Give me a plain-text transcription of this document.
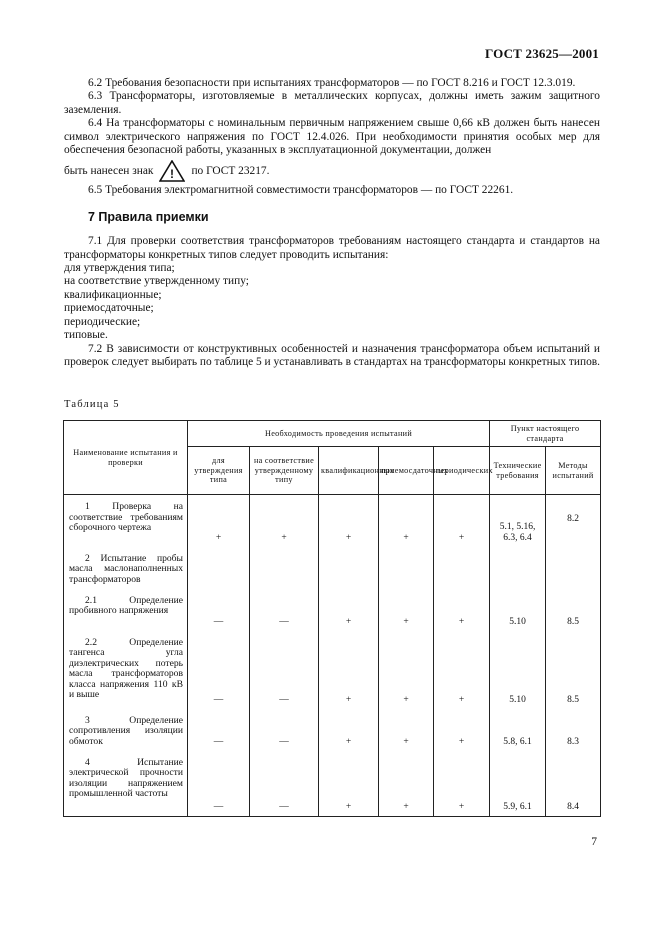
ГОСТ 23625—2001

6.2 Требования безопасности при испытаниях трансформаторов — по ГОСТ 8.216 и ГОСТ 12.3.019.

6.3 Трансформаторы, изготовляемые в металлических корпусах, должны иметь зажим защитного заземления.

6.4 На трансформаторы с номинальным первичным напряжением свыше 0,66 кВ должен быть нанесен символ электрического напряжения по ГОСТ 12.4.026. При необходимости принятия особых мер для обеспечения безопасной работы, указанных в эксплуатационной документации, должен

быть нанесен знак ! по ГОСТ 23217.

6.5 Требования электромагнитной совместимости трансформаторов — по ГОСТ 22261.

7 Правила приемки

7.1 Для проверки соответствия трансформаторов требованиям настоящего стандарта и стандартов на трансформаторы конкретных типов следует проводить испытания:

для утверждения типа;

на соответствие утвержденному типу;

квалификационные;

приемосдаточные;

периодические;

типовые.

7.2 В зависимости от конструктивных особенностей и назначения трансформатора объем испытаний и проверок следует выбирать по таблице 5 и устанавливать в стандартах на трансформаторы конкретных типов.

Таблица 5
Наименование испытания и проверки	Необходимость проведения испытаний					Пункт настоящего стандарта	
	для утверждения типа	на соответствие утвержденному типу	квалификационных	приемосдаточных	периодических	Технические требования	Методы испытаний

1 Проверка на соответствие требованиям сборочного чертежа	+	+	+	+	+	5.1, 5.16, 6.3, 6.4	8.2

2 Испытание пробы масла маслонаполненных трансформаторов							

2.1 Определение пробивного напряжения	—	—	+	+	+	5.10	8.5

2.2 Определение тангенса угла диэлектрических потерь масла трансформаторов класса напряжения 110 кВ и выше	—	—	+	+	+	5.10	8.5

3 Определение сопротивления изоляции обмоток	—	—	+	+	+	5.8, 6.1	8.3

4 Испытание электрической прочности изоляции напряжением промышленной частоты	—	—	+	+	+	5.9, 6.1	8.4
7
